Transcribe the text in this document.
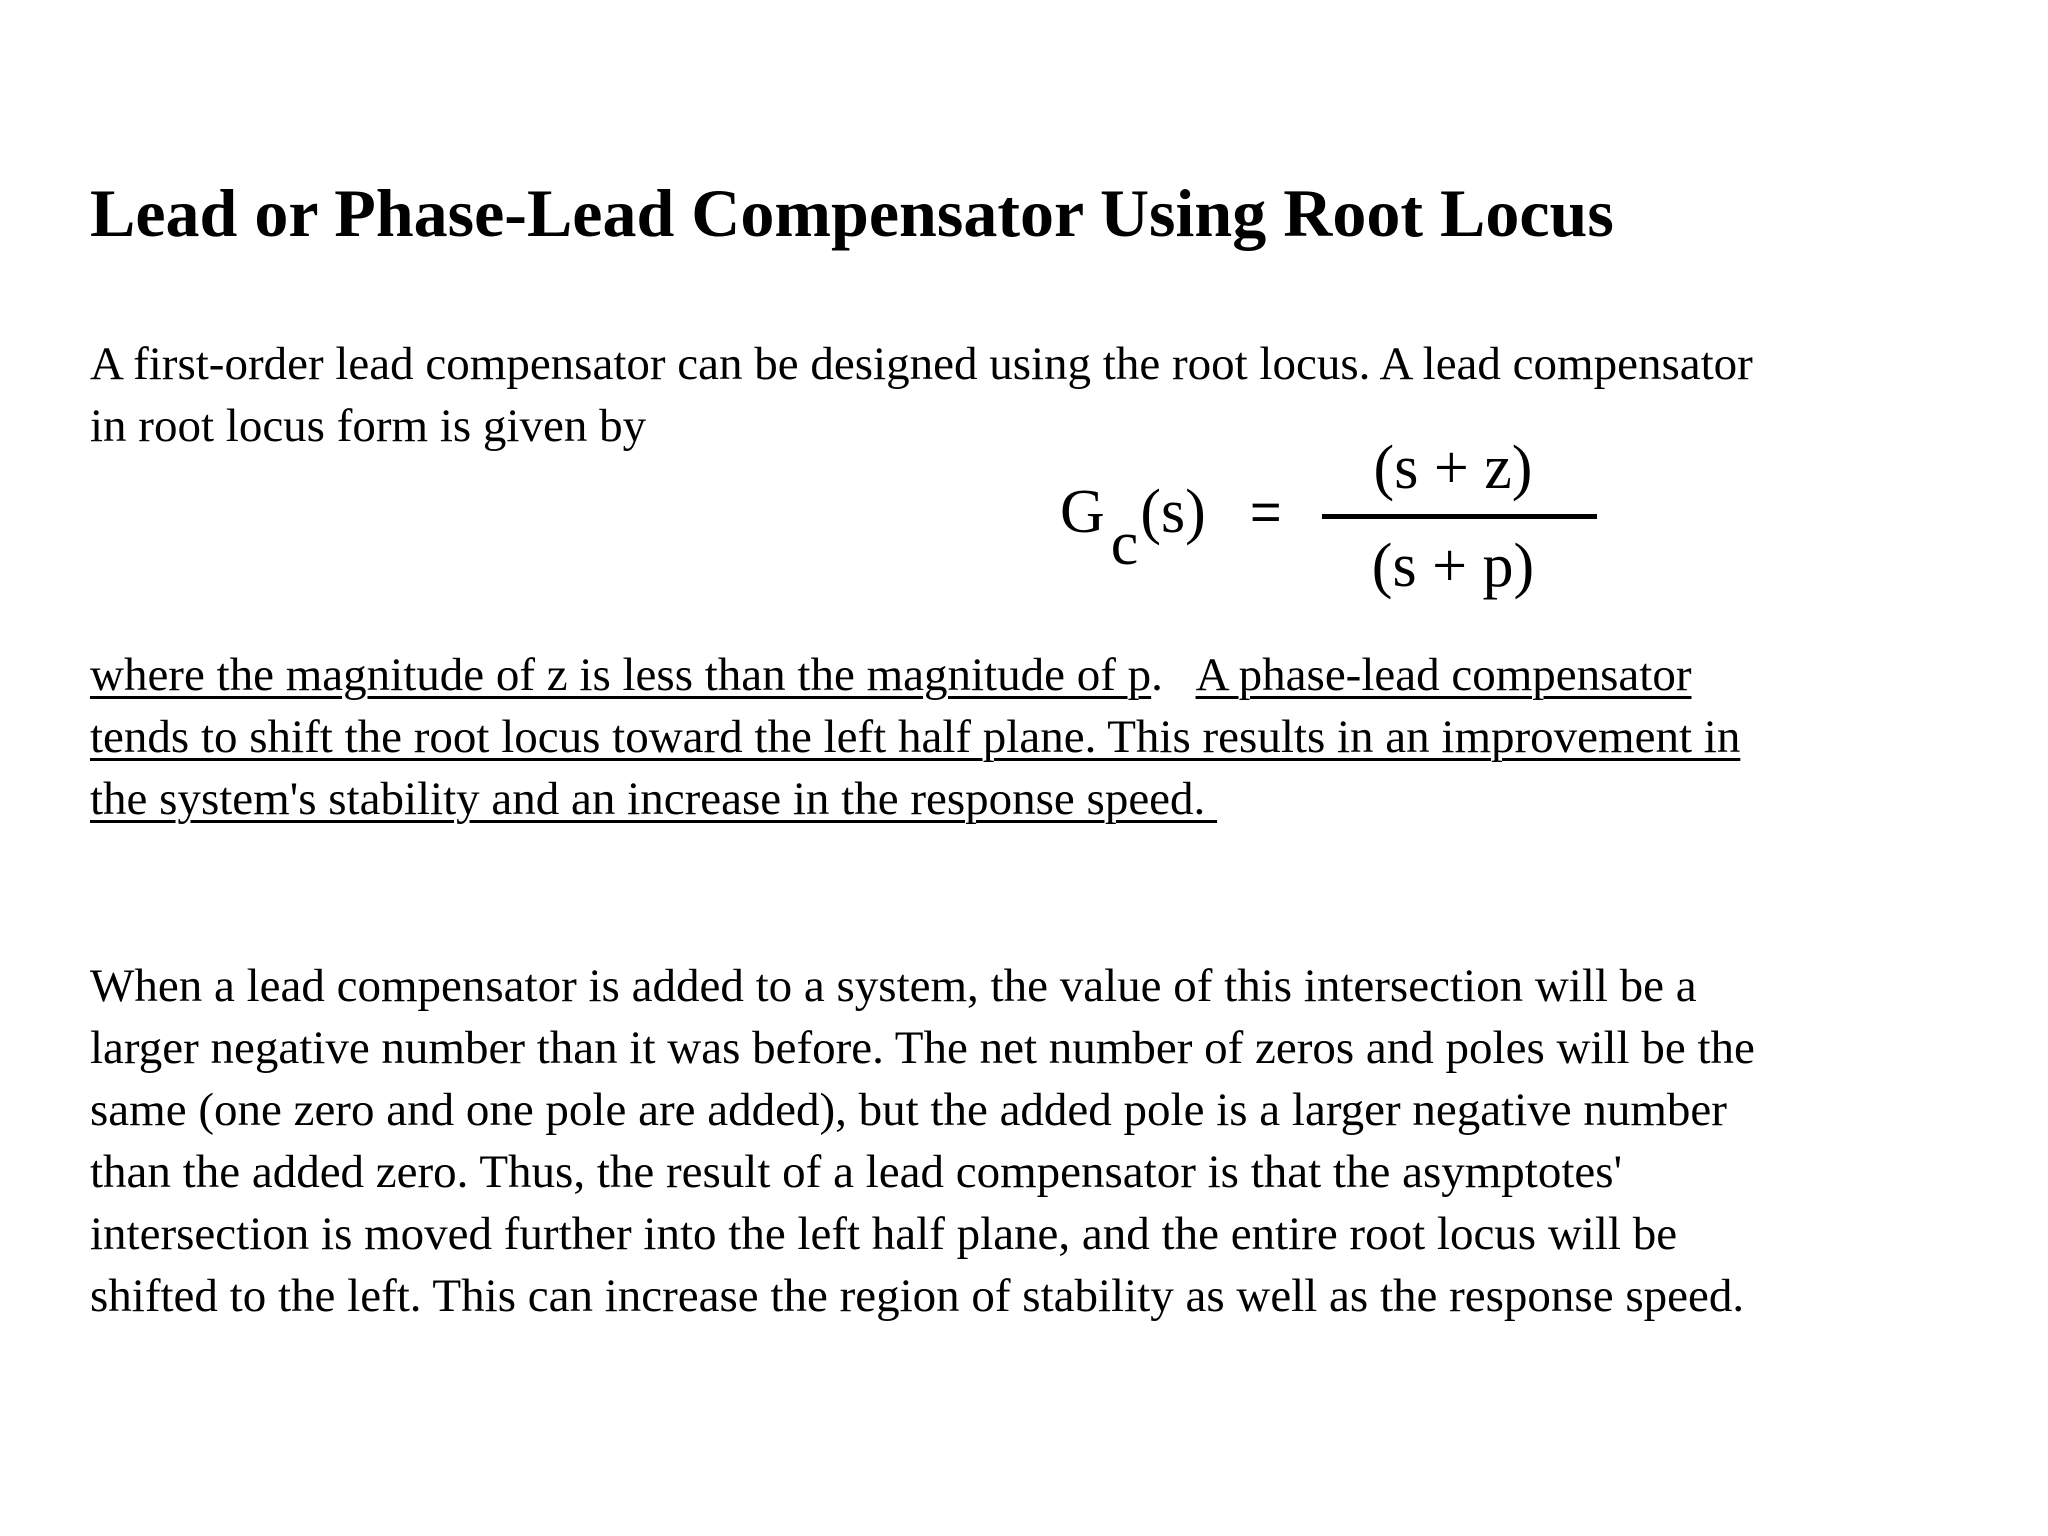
Lead or Phase-Lead Compensator Using Root Locus

A first-order lead compensator can be designed using the root locus. A lead compensator
in root locus form is given by

Gc(s) =
(s + z)
(s + p)

where the magnitude of z is less than the magnitude of p. A phase-lead compensator
tends to shift the root locus toward the left half plane. This results in an improvement in
the system's stability and an increase in the response speed.

When a lead compensator is added to a system, the value of this intersection will be a
larger negative number than it was before. The net number of zeros and poles will be the
same (one zero and one pole are added), but the added pole is a larger negative number
than the added zero. Thus, the result of a lead compensator is that the asymptotes'
intersection is moved further into the left half plane, and the entire root locus will be
shifted to the left. This can increase the region of stability as well as the response speed.
